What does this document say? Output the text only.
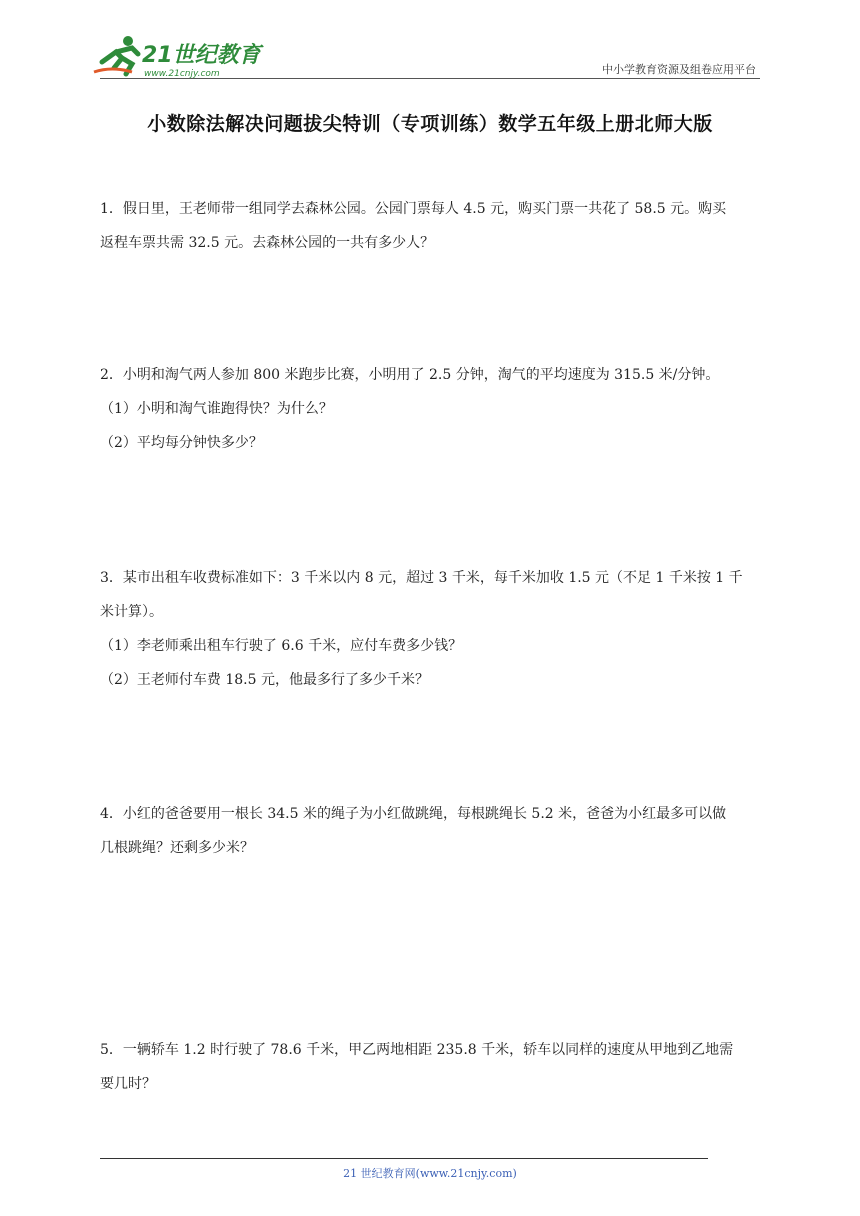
21世纪教育
www.21cnjy.com	中小学教育资源及组卷应用平台
小数除法解决问题拔尖特训（专项训练）数学五年级上册北师大版

1．假日里，王老师带一组同学去森林公园。公园门票每人 4.5 元，购买门票一共花了 58.5 元。购买

返程车票共需 32.5 元。去森林公园的一共有多少人？

2．小明和淘气两人参加 800 米跑步比赛，小明用了 2.5 分钟，淘气的平均速度为 315.5 米/分钟。

（1）小明和淘气谁跑得快？为什么？

（2）平均每分钟快多少？

3．某市出租车收费标准如下：3 千米以内 8 元，超过 3 千米，每千米加收 1.5 元（不足 1 千米按 1 千

米计算）。

（1）李老师乘出租车行驶了 6.6 千米，应付车费多少钱？

（2）王老师付车费 18.5 元，他最多行了多少千米？

4．小红的爸爸要用一根长 34.5 米的绳子为小红做跳绳，每根跳绳长 5.2 米，爸爸为小红最多可以做

几根跳绳？还剩多少米？

5．一辆轿车 1.2 时行驶了 78.6 千米，甲乙两地相距 235.8 千米，轿车以同样的速度从甲地到乙地需

要几时？

21 世纪教育网(www.21cnjy.com)
